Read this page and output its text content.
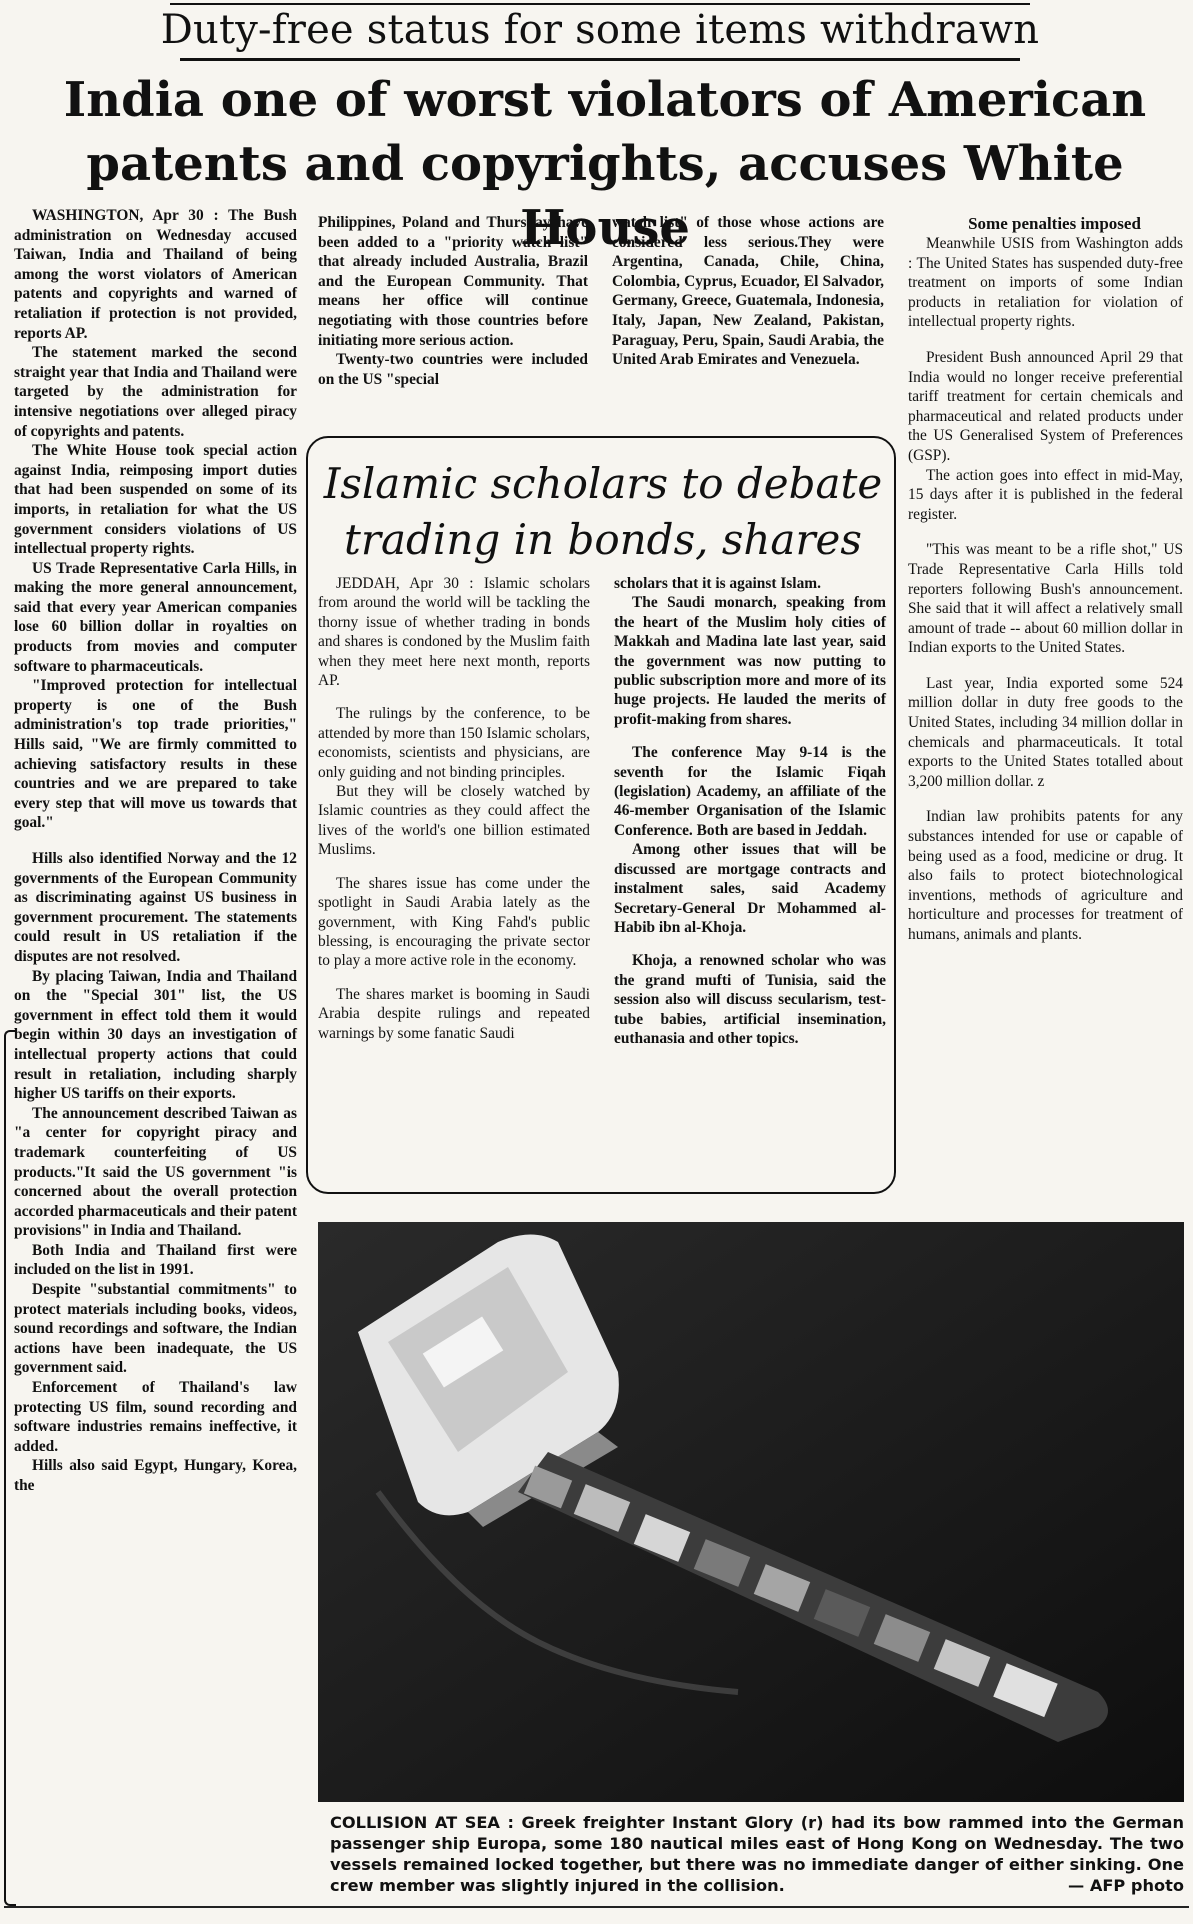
Duty-free status for some items withdrawn
India one of worst violators of American patents and copyrights, accuses White House

WASHINGTON, Apr 30 : The Bush administration on Wednesday accused Taiwan, India and Thailand of being among the worst violators of American patents and copyrights and warned of retaliation if protection is not provided, reports AP.

The statement marked the second straight year that India and Thailand were targeted by the administration for intensive negotiations over alleged piracy of copyrights and patents.

The White House took special action against India, reimposing import duties that had been suspended on some of its imports, in retaliation for what the US government considers violations of US intellectual property rights.

US Trade Representative Carla Hills, in making the more general announcement, said that every year American companies lose 60 billion dollar in royalties on products from movies and computer software to pharmaceuticals.

"Improved protection for intellectual property is one of the Bush administration's top trade priorities," Hills said, "We are firmly committed to achieving satisfactory results in these countries and we are prepared to take every step that will move us towards that goal."

Hills also identified Norway and the 12 governments of the European Community as discriminating against US business in government procurement. The statements could result in US retaliation if the disputes are not resolved.

By placing Taiwan, India and Thailand on the "Special 301" list, the US government in effect told them it would begin within 30 days an investigation of intellectual property actions that could result in retaliation, including sharply higher US tariffs on their exports.

The announcement described Taiwan as "a center for copyright piracy and trademark counterfeiting of US products."It said the US government "is concerned about the overall protection accorded pharmaceuticals and their patent provisions" in India and Thailand.

Both India and Thailand first were included on the list in 1991.

Despite "substantial commitments" to protect materials including books, videos, sound recordings and software, the Indian actions have been inadequate, the US government said.

Enforcement of Thailand's law protecting US film, sound recording and software industries remains ineffective, it added.

Hills also said Egypt, Hungary, Korea, the

Philippines, Poland and Thursday have been added to a "priority watch list" that already included Australia, Brazil and the European Community. That means her office will continue negotiating with those countries before initiating more serious action.

Twenty-two countries were included on the US "special

watch list" of those whose actions are considered less serious.They were Argentina, Canada, Chile, China, Colombia, Cyprus, Ecuador, El Salvador, Germany, Greece, Guatemala, Indonesia, Italy, Japan, New Zealand, Pakistan, Paraguay, Peru, Spain, Saudi Arabia, the United Arab Emirates and Venezuela.

Some penalties imposed

Meanwhile USIS from Washington adds : The United States has suspended duty-free treatment on imports of some Indian products in retaliation for violation of intellectual property rights.

President Bush announced April 29 that India would no longer receive preferential tariff treatment for certain chemicals and pharmaceutical and related products under the US Generalised System of Preferences (GSP).

The action goes into effect in mid-May, 15 days after it is published in the federal register.

"This was meant to be a rifle shot," US Trade Representative Carla Hills told reporters following Bush's announcement. She said that it will affect a relatively small amount of trade -- about 60 million dollar in Indian exports to the United States.

Last year, India exported some 524 million dollar in duty free goods to the United States, including 34 million dollar in chemicals and pharmaceuticals. It total exports to the United States totalled about 3,200 million dollar. z

Indian law prohibits patents for any substances intended for use or capable of being used as a food, medicine or drug. It also fails to protect biotechnological inventions, methods of agriculture and horticulture and processes for treatment of humans, animals and plants.

Islamic scholars to debate trading in bonds, shares

JEDDAH, Apr 30 : Islamic scholars from around the world will be tackling the thorny issue of whether trading in bonds and shares is condoned by the Muslim faith when they meet here next month, reports AP.

The rulings by the conference, to be attended by more than 150 Islamic scholars, economists, scientists and physicians, are only guiding and not binding principles.

But they will be closely watched by Islamic countries as they could affect the lives of the world's one billion estimated Muslims.

The shares issue has come under the spotlight in Saudi Arabia lately as the government, with King Fahd's public blessing, is encouraging the private sector to play a more active role in the economy.

The shares market is booming in Saudi Arabia despite rulings and repeated warnings by some fanatic Saudi

scholars that it is against Islam.

The Saudi monarch, speaking from the heart of the Muslim holy cities of Makkah and Madina late last year, said the government was now putting to public subscription more and more of its huge projects. He lauded the merits of profit-making from shares.

The conference May 9-14 is the seventh for the Islamic Fiqah (legislation) Academy, an affiliate of the 46-member Organisation of the Islamic Conference. Both are based in Jeddah.

Among other issues that will be discussed are mortgage contracts and instalment sales, said Academy Secretary-General Dr Mohammed al-Habib ibn al-Khoja.

Khoja, a renowned scholar who was the grand mufti of Tunisia, said the session also will discuss secularism, test-tube babies, artificial insemination, euthanasia and other topics.

COLLISION AT SEA : Greek freighter Instant Glory (r) had its bow rammed into the German passenger ship Europa, some 180 nautical miles east of Hong Kong on Wednesday. The two vessels remained locked together, but there was no immediate danger of either sinking. One crew member was slightly injured in the collision.	— AFP photo
